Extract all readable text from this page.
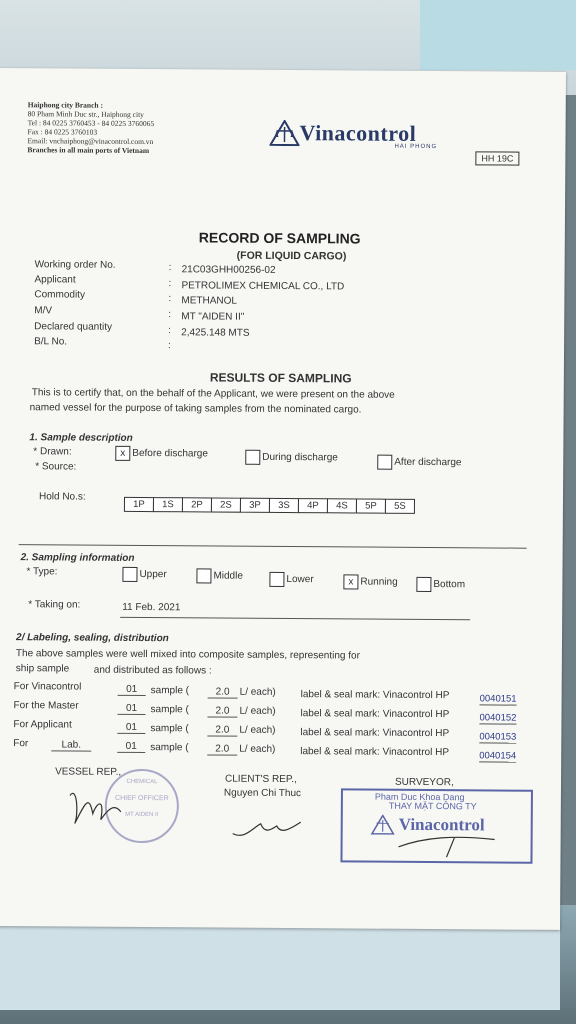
Haiphong city Branch :
80 Pham Minh Duc str., Haiphong city
Tel : 84 0225 3760453 - 84 0225 3760065
Fax : 84 0225 3760103
Email: vnchaiphong@vinacontrol.com.vn
Branches in all main ports of Vietnam
Vinacontrol
HAI PHONG
HH 19C
RECORD OF SAMPLING
(FOR LIQUID CARGO)
Working order No.	: 21C03GHH00256-02
Applicant	: PETROLIMEX CHEMICAL CO., LTD
Commodity	: METHANOL
M/V	: MT "AIDEN II"
Declared quantity	: 2,425.148 MTS
B/L No.	:
RESULTS OF SAMPLING
This is to certify that, on the behalf of the Applicant, we were present on the above
named vessel for the purpose of taking samples from the nominated cargo.
1. Sample description
* Drawn:
* Source:
x Before discharge	During discharge	After discharge
Hold No.s:
1P	1S	2P	2S	3P	3S	4P	4S	5P	5S
2. Sampling information
* Type:	Upper	Middle	Lower	x Running	Bottom
* Taking on:	11 Feb. 2021
2/ Labeling, sealing, distribution
The above samples were well mixed into composite samples, representing for
ship sample and distributed as follows :
For Vinacontrol	01	sample (	2.0 L/ each) label & seal mark: Vinacontrol HP	0040151
For the Master	01	sample (	2.0 L/ each) label & seal mark: Vinacontrol HP	0040152
For Applicant	01	sample (	2.0 L/ each) label & seal mark: Vinacontrol HP	0040153
For	Lab.	01	sample (	2.0 L/ each) label & seal mark: Vinacontrol HP	0040154
VESSEL REP.,
CHEMICAL
CHIEF OFFICER
MT AIDEN II
CLIENT'S REP.,
Nguyen Chi Thuc
SURVEYOR,
Pham Duc Khoa Dang
THAY MẶT CÔNG TY
Vinacontrol
